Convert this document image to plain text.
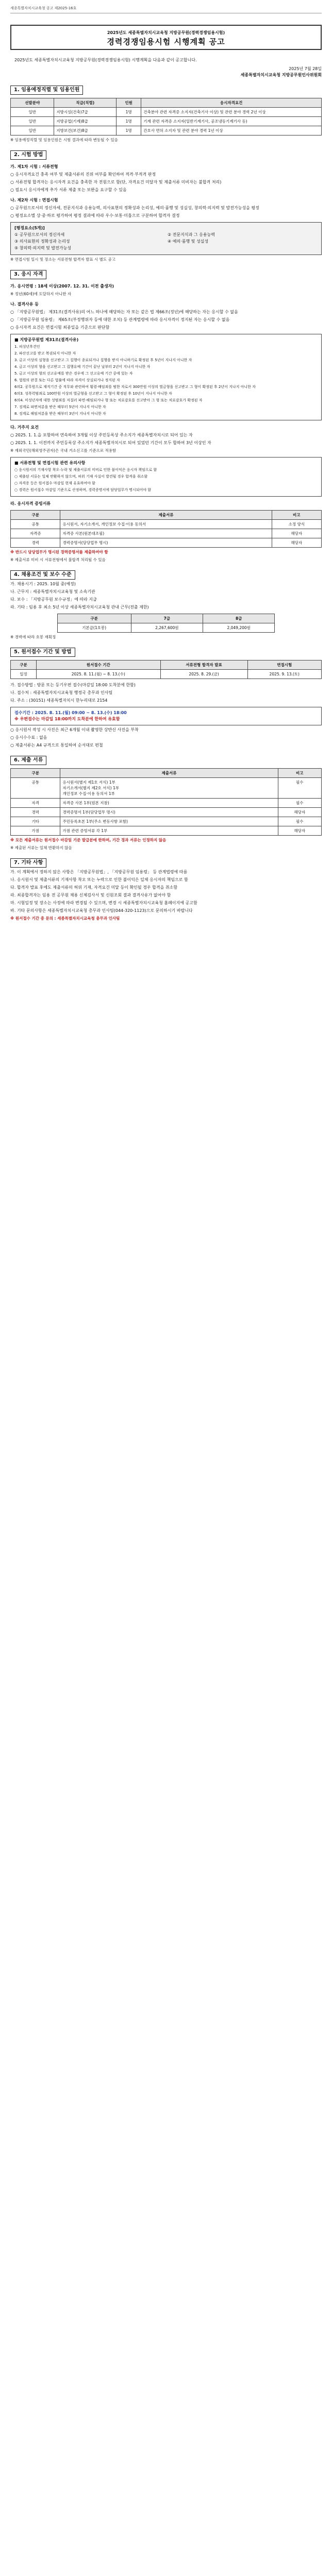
세종특별자치시교육청 공고 제2025-16호
2025년도 세종특별자치시교육청 지방공무원(경력경쟁임용시험)
경력경쟁임용시험 시행계획 공고
2025년도 세종특별자치시교육청 지방공무원(경력경쟁임용시험) 시행계획을 다음과 같이 공고합니다.
2025년 7월 28일
세종특별자치시교육청 지방공무원인사위원회
1. 임용예정직렬 및 임용인원
선발분야	직급(직렬)	인원	응시자격요건
일반	지방시설(건축)7급	1명	건축분야 관련 자격증 소지자(건축기사 이상) 및 관련 분야 경력 2년 이상
일반	지방공업(기계)8급	1명	기계 관련 자격증 소지자(일반기계기사, 공조냉동기계기사 등)
일반	지방보건(보건)8급	1명	간호사 면허 소지자 및 관련 분야 경력 1년 이상
※ 임용예정직렬 및 임용인원은 시험 결과에 따라 변동될 수 있음
2. 시험 방법
가. 제1차 시험 : 서류전형
○ 응시자격요건 충족 여부 및 제출서류의 진위 여부를 확인하여 적격·부적격 판정
○ 서류전형 합격자는 응시자격 요건을 충족한 자 전원으로 함(단, 자격요건 미달자 및 제출서류 미비자는 불합격 처리)
○ 필요시 응시자에게 추가 서류 제출 또는 보완을 요구할 수 있음
나. 제2차 시험 : 면접시험
○ 공무원으로서의 정신자세, 전문지식과 응용능력, 의사표현의 정확성과 논리성, 예의·품행 및 성실성, 창의력·의지력 및 발전가능성을 평정
○ 평정요소별 상·중·하로 평가하여 평정 결과에 따라 우수·보통·미흡으로 구분하여 합격자 결정
[평정요소(5개)]
① 공무원으로서의 정신자세
③ 의사표현의 정확성과 논리성
⑤ 창의력·의지력 및 발전가능성
② 전문지식과 그 응용능력
④ 예의·품행 및 성실성
※ 면접시험 일시 및 장소는 서류전형 합격자 발표 시 별도 공고
3. 응시 자격
가. 응시연령 : 18세 이상(2007. 12. 31. 이전 출생자)
※ 정년(60세)에 도달하지 아니한 자
나. 결격사유 등
○ 「지방공무원법」 제31조(결격사유)의 어느 하나에 해당하는 자 또는 같은 법 제66조(정년)에 해당하는 자는 응시할 수 없음
○ 「지방공무원 임용령」 제65조(부정행위자 등에 대한 조치) 등 관계법령에 따라 응시자격이 정지된 자는 응시할 수 없음
○ 응시자격 요건은 면접시험 최종일을 기준으로 판단함
■ 지방공무원법 제31조(결격사유)
1. 피성년후견인
2. 파산선고를 받고 복권되지 아니한 자
3. 금고 이상의 실형을 선고받고 그 집행이 종료되거나 집행을 받지 아니하기로 확정된 후 5년이 지나지 아니한 자
4. 금고 이상의 형을 선고받고 그 집행유예 기간이 끝난 날부터 2년이 지나지 아니한 자
5. 금고 이상의 형의 선고유예를 받은 경우에 그 선고유예 기간 중에 있는 자
6. 법원의 판결 또는 다른 법률에 따라 자격이 상실되거나 정지된 자
6의2. 공무원으로 재직기간 중 직무와 관련하여 횡령·배임죄를 범한 자로서 300만원 이상의 벌금형을 선고받고 그 형이 확정된 후 2년이 지나지 아니한 자
6의3. 성폭력범죄로 100만원 이상의 벌금형을 선고받고 그 형이 확정된 후 10년이 지나지 아니한 자
6의4. 미성년자에 대한 성범죄를 저질러 파면·해임되거나 형 또는 치료감호를 선고받아 그 형 또는 치료감호가 확정된 자
7. 징계로 파면처분을 받은 때부터 5년이 지나지 아니한 자
8. 징계로 해임처분을 받은 때부터 3년이 지나지 아니한 자
다. 거주지 요건
○ 2025. 1. 1.을 포함하여 연속하여 3개월 이상 주민등록상 주소지가 세종특별자치시로 되어 있는 자
○ 2025. 1. 1. 이전까지 주민등록상 주소지가 세종특별자치시로 되어 있었던 기간이 모두 합하여 3년 이상인 자
※ 재외국민(해외영주권자)은 국내 거소신고를 기준으로 적용함
■ 서류전형 및 면접시험 관련 유의사항
○ 응시원서의 기재사항 착오·누락 및 제출서류의 미비로 인한 불이익은 응시자 책임으로 함
○ 제출된 서류는 일체 반환하지 않으며, 허위 기재 사실이 발견될 경우 합격을 취소함
○ 자격증 등은 원서접수 마감일 현재 유효하여야 함
○ 경력은 원서접수 마감일 기준으로 산정하며, 경력증명서에 담당업무가 명시되어야 함
라. 응시자격 증빙서류
구분	제출서류	비고
공통	응시원서, 자기소개서, 개인정보 수집·이용 동의서	소정 양식
자격증	자격증 사본(원본대조필)	해당자
경력	경력증명서(담당업무 명시)	해당자
※ 반드시 담당업무가 명시된 경력증명서를 제출하여야 함
※ 제출서류 미비 시 서류전형에서 불합격 처리될 수 있음
4. 채용조건 및 보수 수준
가. 채용시기 : 2025. 10월 중(예정)
나. 근무지 : 세종특별자치시교육청 및 소속기관
다. 보수 : 「지방공무원 보수규정」에 따라 지급
라. 기타 : 임용 후 최소 5년 이상 세종특별자치시교육청 관내 근무(전출 제한)
구분	7급	8급
기본급(1호봉)	2,267,600원	2,049,200원
※ 경력에 따라 호봉 재획정
5. 원서접수 기간 및 방법
구분	원서접수 기간	서류전형 합격자 발표	면접시험
일정	2025. 8. 11.(월) ~ 8. 13.(수)	2025. 8. 29.(금)	2025. 9. 13.(토)
가. 접수방법 : 방문 또는 등기우편 접수(마감일 18:00 도착분에 한함)
나. 접수처 : 세종특별자치시교육청 행정국 총무과 인사팀
다. 주소 : (30151) 세종특별자치시 한누리대로 2154
접수기간 : 2025. 8. 11.(월) 09:00 ~ 8. 13.(수) 18:00
※ 우편접수는 마감일 18:00까지 도착분에 한하여 유효함
○ 응시원서 작성 시 사진은 최근 6개월 이내 촬영한 상반신 사진을 부착
○ 응시수수료 : 없음
○ 제출서류는 A4 규격으로 통일하여 순서대로 편철
6. 제출 서류
구분	제출서류	비고
공통	응시원서(별지 제1호 서식) 1부
자기소개서(별지 제2호 서식) 1부
개인정보 수집·이용 동의서 1부	필수
자격	자격증 사본 1부(원본 지참)	필수
경력	경력증명서 1부(담당업무 명시)	해당자
기타	주민등록초본 1부(주소 변동사항 포함)	필수
가점	가점 관련 증빙서류 각 1부	해당자
※ 모든 제출서류는 원서접수 마감일 기준 발급분에 한하며, 기간 경과 서류는 인정하지 않음
※ 제출된 서류는 일체 반환하지 않음
7. 기타 사항
가. 이 계획에서 정하지 않은 사항은 「지방공무원법」, 「지방공무원 임용령」 등 관계법령에 따름
나. 응시원서 및 제출서류의 기재사항 착오 또는 누락으로 인한 불이익은 일체 응시자의 책임으로 함
다. 합격자 발표 후에도 제출서류의 허위 기재, 자격요건 미달 등이 확인될 경우 합격을 취소함
라. 최종합격자는 임용 전 공무원 채용 신체검사서 및 신원조회 결과 결격사유가 없어야 함
마. 시험일정 및 장소는 사정에 따라 변경될 수 있으며, 변경 시 세종특별자치시교육청 홈페이지에 공고함
바. 기타 문의사항은 세종특별자치시교육청 총무과 인사팀(044-320-1123)으로 문의하시기 바랍니다
※ 원서접수 기간 중 문의 : 세종특별자치시교육청 총무과 인사팀
